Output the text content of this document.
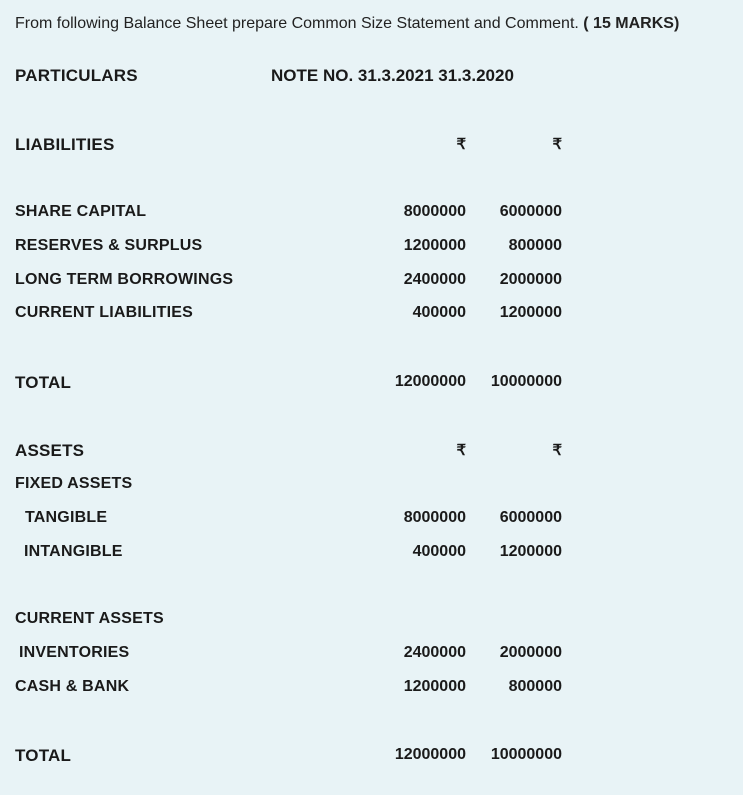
From following Balance Sheet prepare Common Size Statement and Comment. ( 15 MARKS)
PARTICULARS	NOTE NO. 31.3.2021 31.3.2020
LIABILITIES	₹	₹
SHARE CAPITAL	8000000 6000000
RESERVES & SURPLUS	1200000	800000
LONG TERM BORROWINGS	2400000 2000000
CURRENT LIABILITIES	400000 1200000
TOTAL	12000000 10000000
ASSETS	₹	₹
FIXED ASSETS
TANGIBLE	8000000 6000000
INTANGIBLE	400000 1200000
CURRENT ASSETS
INVENTORIES	2400000 2000000
CASH & BANK	1200000	800000
TOTAL	12000000 10000000
